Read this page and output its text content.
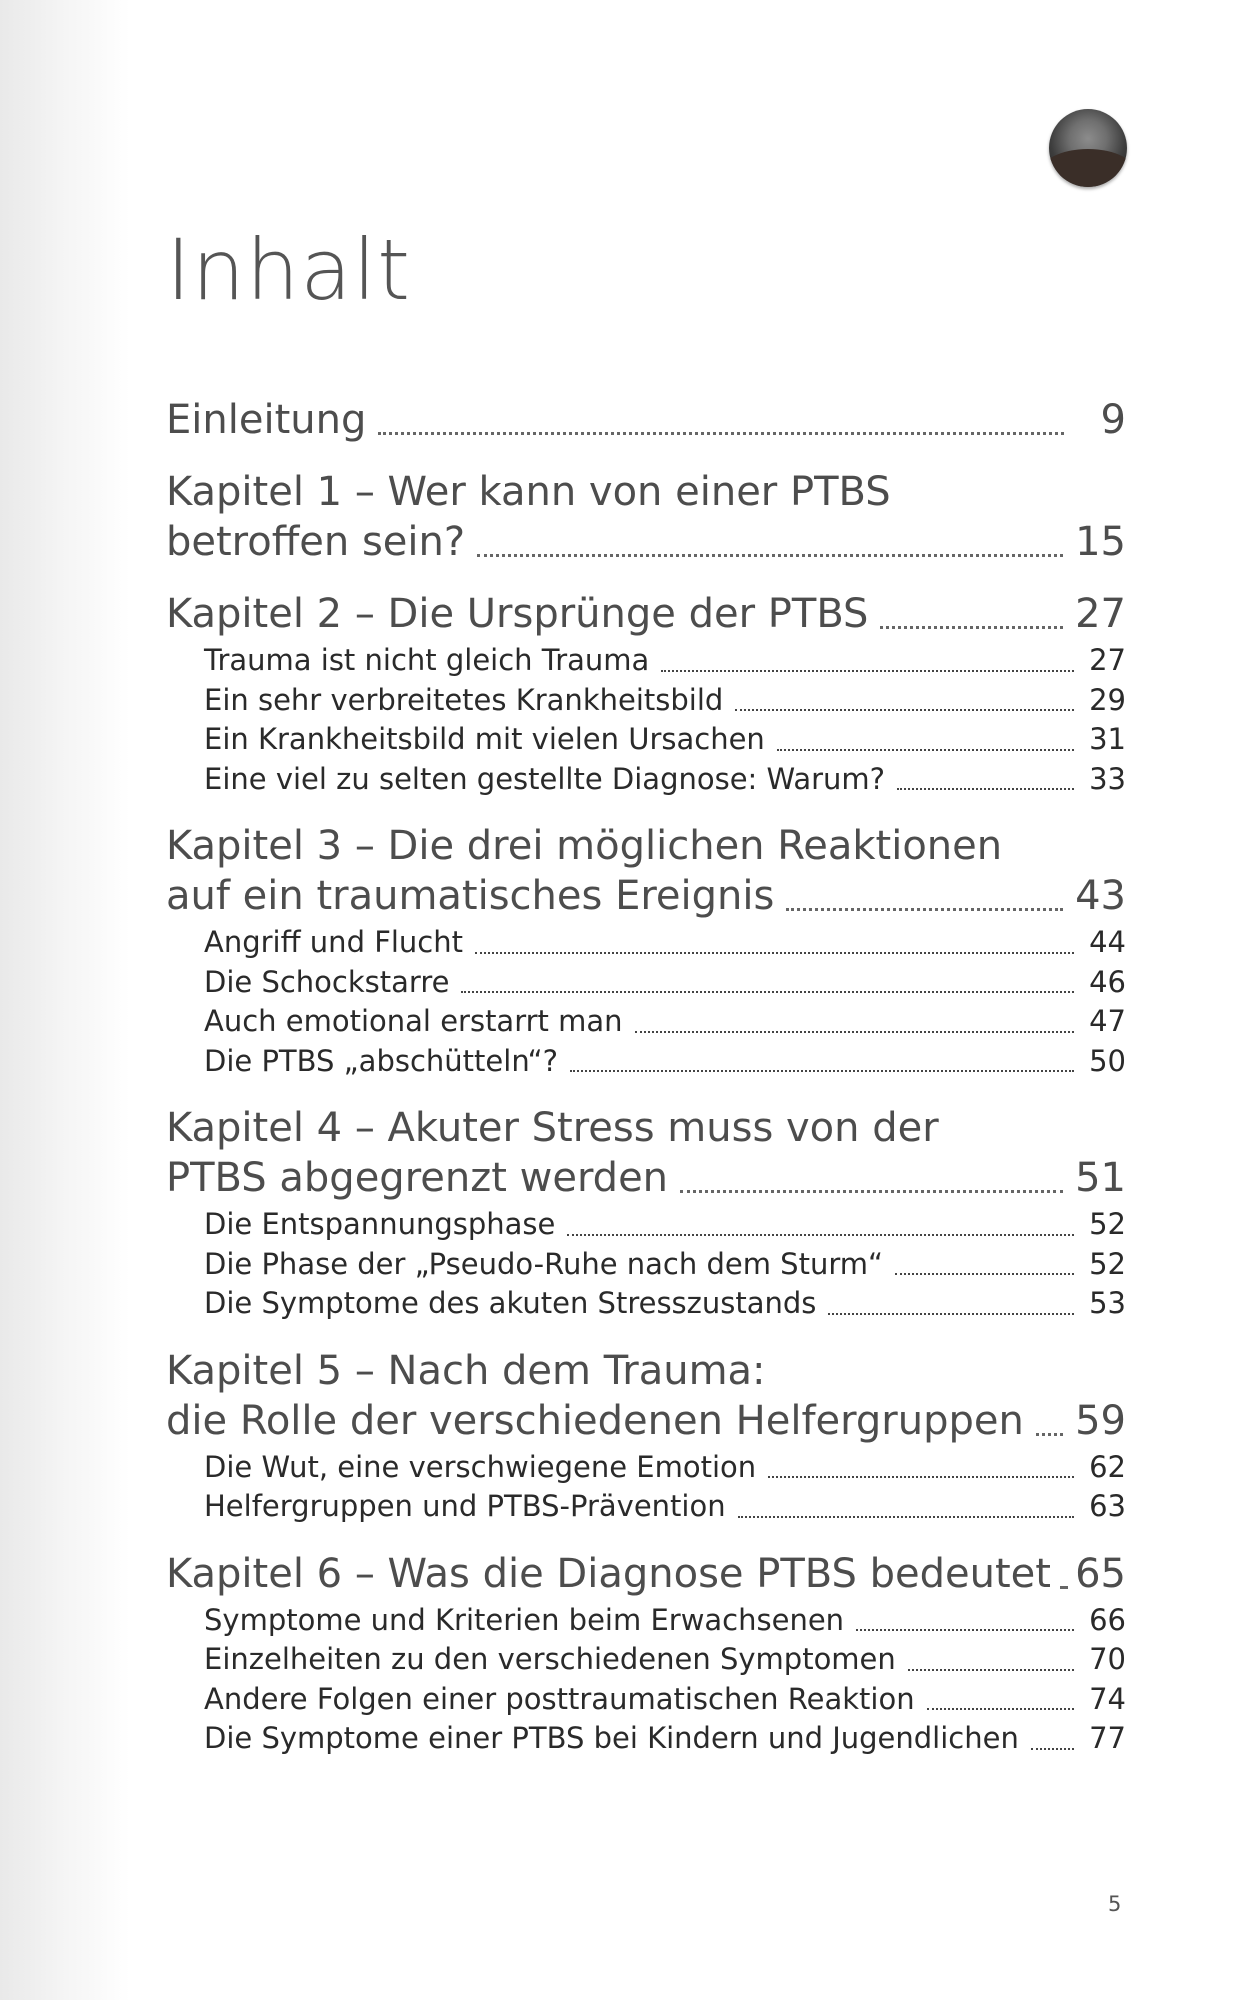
Inhalt
Einleitung	9
Kapitel 1 – Wer kann von einer PTBS
betroffen sein?	15
Kapitel 2 – Die Ursprünge der PTBS	27
Trauma ist nicht gleich Trauma	27
Ein sehr verbreitetes Krankheitsbild	29
Ein Krankheitsbild mit vielen Ursachen	31
Eine viel zu selten gestellte Diagnose: Warum?	33
Kapitel 3 – Die drei möglichen Reaktionen
auf ein traumatisches Ereignis	43
Angriff und Flucht	44
Die Schockstarre	46
Auch emotional erstarrt man	47
Die PTBS „abschütteln“?	50
Kapitel 4 – Akuter Stress muss von der
PTBS abgegrenzt werden	51
Die Entspannungsphase	52
Die Phase der „Pseudo-Ruhe nach dem Sturm“	52
Die Symptome des akuten Stresszustands	53
Kapitel 5 – Nach dem Trauma:
die Rolle der verschiedenen Helfergruppen 59
Die Wut, eine verschwiegene Emotion	62
Helfergruppen und PTBS-Prävention	63
Kapitel 6 – Was die Diagnose PTBS bedeutet 65
Symptome und Kriterien beim Erwachsenen	66
Einzelheiten zu den verschiedenen Symptomen	70
Andere Folgen einer posttraumatischen Reaktion	74
Die Symptome einer PTBS bei Kindern und Jugendlichen 77
5
